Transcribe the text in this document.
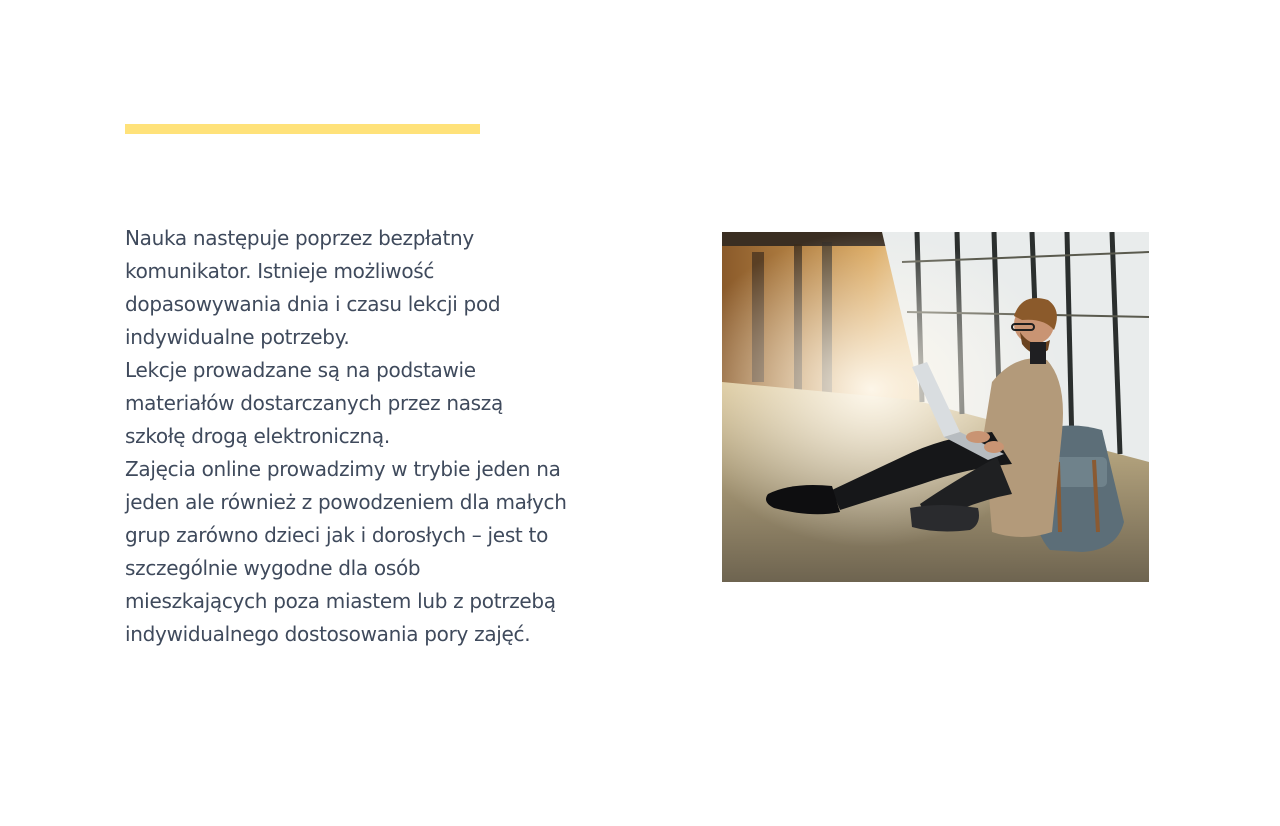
Nauka następuje poprzez bezpłatny
komunikator. Istnieje możliwość
dopasowywania dnia i czasu lekcji pod
indywidualne potrzeby.

Lekcje prowadzane są na podstawie
materiałów dostarczanych przez naszą
szkołę drogą elektroniczną.

Zajęcia online prowadzimy w trybie jeden na
jeden ale również z powodzeniem dla małych
grup zarówno dzieci jak i dorosłych – jest to
szczególnie wygodne dla osób
mieszkających poza miastem lub z potrzebą
indywidualnego dostosowania pory zajęć.
